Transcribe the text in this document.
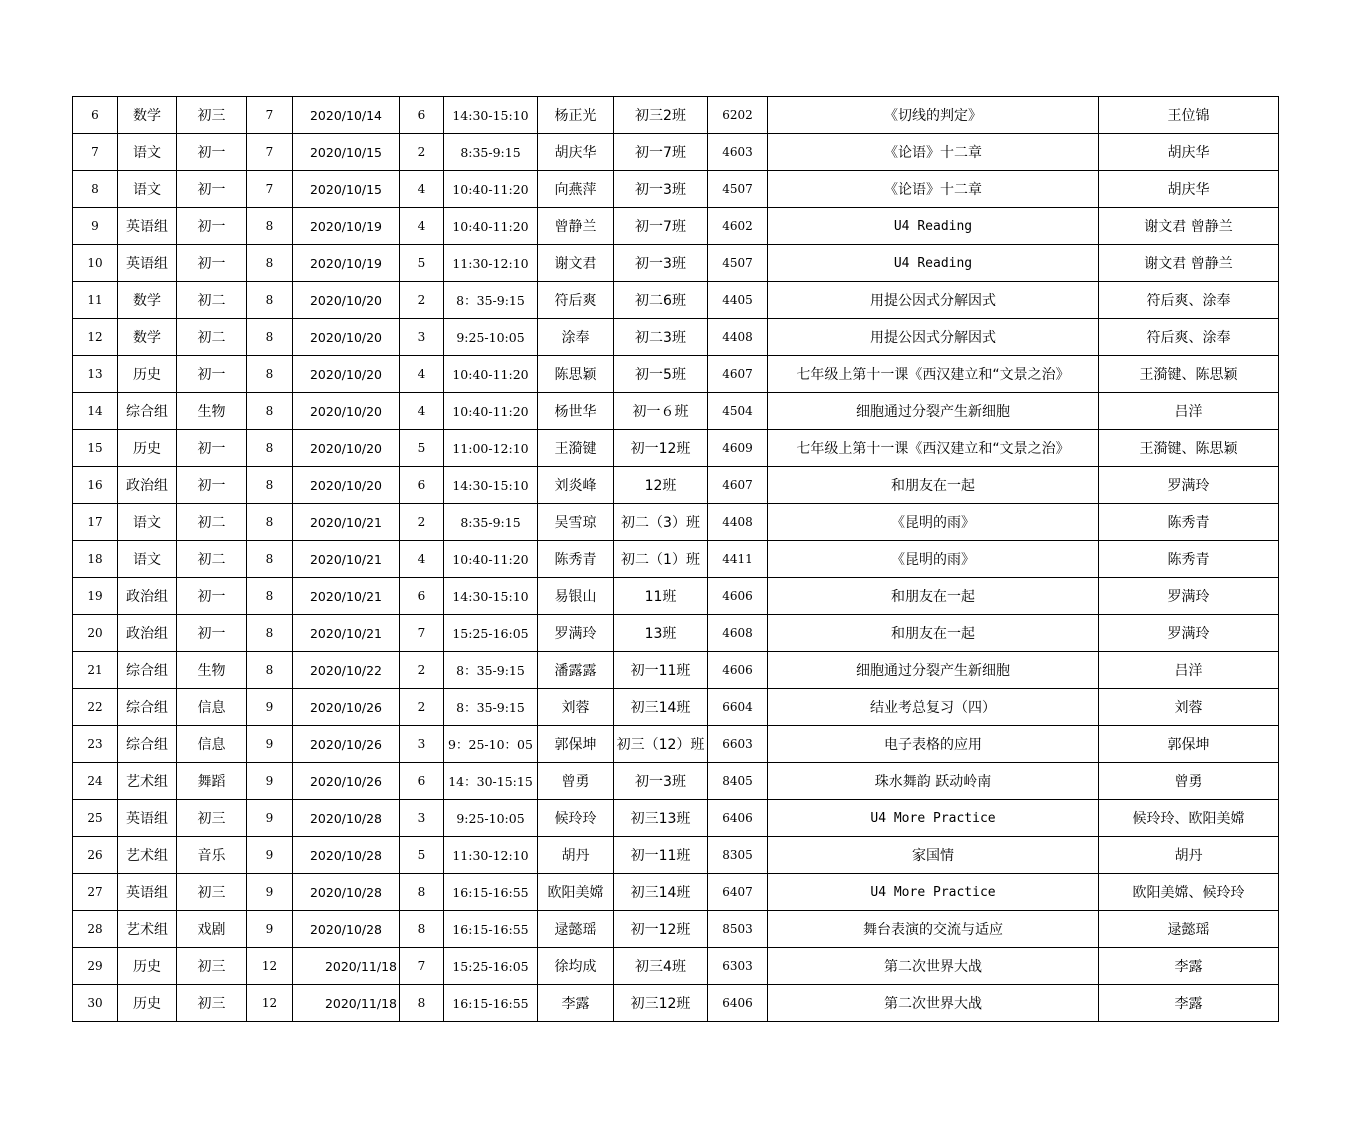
6	数学	初三	7	2020/10/14	6	14:30-15:10	杨正光	初三2班	6202	《切线的判定》	王位锦
7	语文	初一	7	2020/10/15	2	8:35-9:15	胡庆华	初一7班	4603	《论语》十二章	胡庆华
8	语文	初一	7	2020/10/15	4	10:40-11:20	向燕萍	初一3班	4507	《论语》十二章	胡庆华
9	英语组	初一	8	2020/10/19	4	10:40-11:20	曾静兰	初一7班	4602	U4 Reading	谢文君 曾静兰
10	英语组	初一	8	2020/10/19	5	11:30-12:10	谢文君	初一3班	4507	U4 Reading	谢文君 曾静兰
11	数学	初二	8	2020/10/20	2	8：35-9:15	符后爽	初二6班	4405	用提公因式分解因式	符后爽、涂奉
12	数学	初二	8	2020/10/20	3	9:25-10:05	涂奉	初二3班	4408	用提公因式分解因式	符后爽、涂奉
13	历史	初一	8	2020/10/20	4	10:40-11:20	陈思颖	初一5班	4607	七年级上第十一课《西汉建立和“文景之治》	王漪键、陈思颖
14	综合组	生物	8	2020/10/20	4	10:40-11:20	杨世华	初一６班	4504	细胞通过分裂产生新细胞	吕洋
15	历史	初一	8	2020/10/20	5	11:00-12:10	王漪键	初一12班	4609	七年级上第十一课《西汉建立和“文景之治》	王漪键、陈思颖
16	政治组	初一	8	2020/10/20	6	14:30-15:10	刘炎峰	12班	4607	和朋友在一起	罗满玲
17	语文	初二	8	2020/10/21	2	8:35-9:15	吴雪琼	初二（3）班	4408	《昆明的雨》	陈秀青
18	语文	初二	8	2020/10/21	4	10:40-11:20	陈秀青	初二（1）班	4411	《昆明的雨》	陈秀青
19	政治组	初一	8	2020/10/21	6	14:30-15:10	易银山	11班	4606	和朋友在一起	罗满玲
20	政治组	初一	8	2020/10/21	7	15:25-16:05	罗满玲	13班	4608	和朋友在一起	罗满玲
21	综合组	生物	8	2020/10/22	2	8：35-9:15	潘露露	初一11班	4606	细胞通过分裂产生新细胞	吕洋
22	综合组	信息	9	2020/10/26	2	8：35-9:15	刘蓉	初三14班	6604	结业考总复习（四）	刘蓉
23	综合组	信息	9	2020/10/26	3	9：25-10：05	郭保坤	初三（12）班	6603	电子表格的应用	郭保坤
24	艺术组	舞蹈	9	2020/10/26	6	14：30-15:15	曾勇	初一3班	8405	珠水舞韵 跃动岭南	曾勇
25	英语组	初三	9	2020/10/28	3	9:25-10:05	候玲玲	初三13班	6406	U4 More Practice	候玲玲、欧阳美嫦
26	艺术组	音乐	9	2020/10/28	5	11:30-12:10	胡丹	初一11班	8305	家国情	胡丹
27	英语组	初三	9	2020/10/28	8	16:15-16:55	欧阳美嫦	初三14班	6407	U4 More Practice	欧阳美嫦、候玲玲
28	艺术组	戏剧	9	2020/10/28	8	16:15-16:55	逯懿瑶	初一12班	8503	舞台表演的交流与适应	逯懿瑶
29	历史	初三	12	2020/11/18	7	15:25-16:05	徐均成	初三4班	6303	第二次世界大战	李露
30	历史	初三	12	2020/11/18	8	16:15-16:55	李露	初三12班	6406	第二次世界大战	李露
